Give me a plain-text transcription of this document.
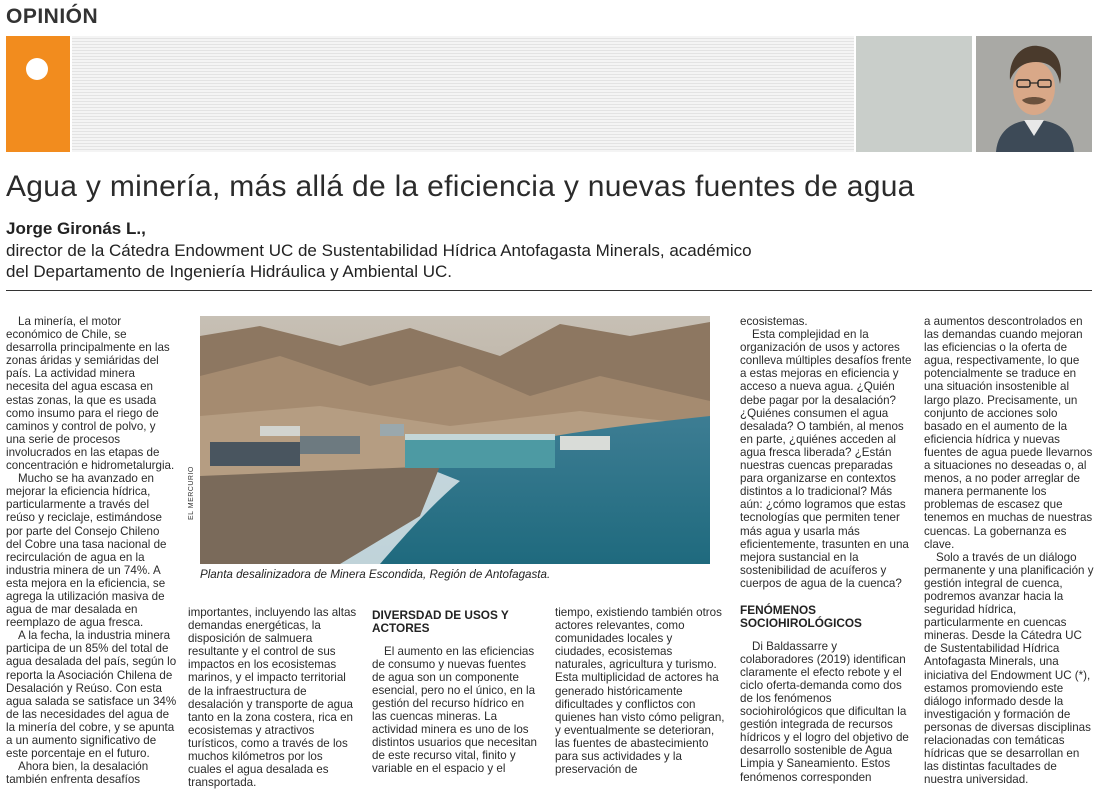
OPINIÓN
Agua y minería, más allá de la eficiencia y nuevas fuentes de agua
Jorge Gironás L.,
director de la Cátedra Endowment UC de Sustentabilidad Hídrica Antofagasta Minerals, académico del Departamento de Ingeniería Hidráulica y Ambiental UC.

La minería, el motor económico de Chile, se desarrolla principalmente en las zonas áridas y semiáridas del país. La actividad minera necesita del agua escasa en estas zonas, la que es usada como insumo para el riego de caminos y control de polvo, y una serie de procesos involucrados en las etapas de concentración e hidrometalurgia.

Mucho se ha avanzado en mejorar la eficiencia hídrica, particularmente a través del reúso y reciclaje, estimándose por parte del Consejo Chileno del Cobre una tasa nacional de recirculación de agua en la industria minera de un 74%. A esta mejora en la eficiencia, se agrega la utilización masiva de agua de mar desalada en reemplazo de agua fresca.

A la fecha, la industria minera participa de un 85% del total de agua desalada del país, según lo reporta la Asociación Chilena de Desalación y Reúso. Con esta agua salada se satisface un 34% de las necesidades del agua de la minería del cobre, y se apunta a un aumento significativo de este porcentaje en el futuro.

Ahora bien, la desalación también enfrenta desafíos

Planta desalinizadora de Minera Escondida, Región de Antofagasta.
EL MERCURIO

importantes, incluyendo las altas demandas energéticas, la disposición de salmuera resultante y el control de sus impactos en los ecosistemas marinos, y el impacto territorial de la infraestructura de desalación y transporte de agua tanto en la zona costera, rica en ecosistemas y atractivos turísticos, como a través de los muchos kilómetros por los cuales el agua desalada es transportada.

DIVERSDAD DE USOS Y ACTORES

El aumento en las eficiencias de consumo y nuevas fuentes de agua son un componente esencial, pero no el único, en la gestión del recurso hídrico en las cuencas mineras. La actividad minera es uno de los distintos usuarios que necesitan de este recurso vital, finito y variable en el espacio y el

tiempo, existiendo también otros actores relevantes, como comunidades locales y ciudades, ecosistemas naturales, agricultura y turismo. Esta multiplicidad de actores ha generado históricamente dificultades y conflictos con quienes han visto cómo peligran, y eventualmente se deterioran, las fuentes de abastecimiento para sus actividades y la preservación de

ecosistemas.

Esta complejidad en la organización de usos y actores conlleva múltiples desafíos frente a estas mejoras en eficiencia y acceso a nueva agua. ¿Quién debe pagar por la desalación? ¿Quiénes consumen el agua desalada? O también, al menos en parte, ¿quiénes acceden al agua fresca liberada? ¿Están nuestras cuencas preparadas para organizarse en contextos distintos a lo tradicional? Más aún: ¿cómo logramos que estas tecnologías que permiten tener más agua y usarla más eficientemente, trasunten en una mejora sustancial en la sostenibilidad de acuíferos y cuerpos de agua de la cuenca?

FENÓMENOS SOCIOHIROLÓGICOS

Di Baldassarre y colaboradores (2019) identifican claramente el efecto rebote y el ciclo oferta-demanda como dos de los fenómenos sociohirológicos que dificultan la gestión integrada de recursos hídricos y el logro del objetivo de desarrollo sostenible de Agua Limpia y Saneamiento. Estos fenómenos corresponden

a aumentos descontrolados en las demandas cuando mejoran las eficiencias o la oferta de agua, respectivamente, lo que potencialmente se traduce en una situación insostenible al largo plazo. Precisamente, un conjunto de acciones solo basado en el aumento de la eficiencia hídrica y nuevas fuentes de agua puede llevarnos a situaciones no deseadas o, al menos, a no poder arreglar de manera permanente los problemas de escasez que tenemos en muchas de nuestras cuencas. La gobernanza es clave.

Solo a través de un diálogo permanente y una planificación y gestión integral de cuenca, podremos avanzar hacia la seguridad hídrica, particularmente en cuencas mineras. Desde la Cátedra UC de Sustentabilidad Hídrica Antofagasta Minerals, una iniciativa del Endowment UC (*), estamos promoviendo este diálogo informado desde la investigación y formación de personas de diversas disciplinas relacionadas con temáticas hídricas que se desarrollan en las distintas facultades de nuestra universidad.
